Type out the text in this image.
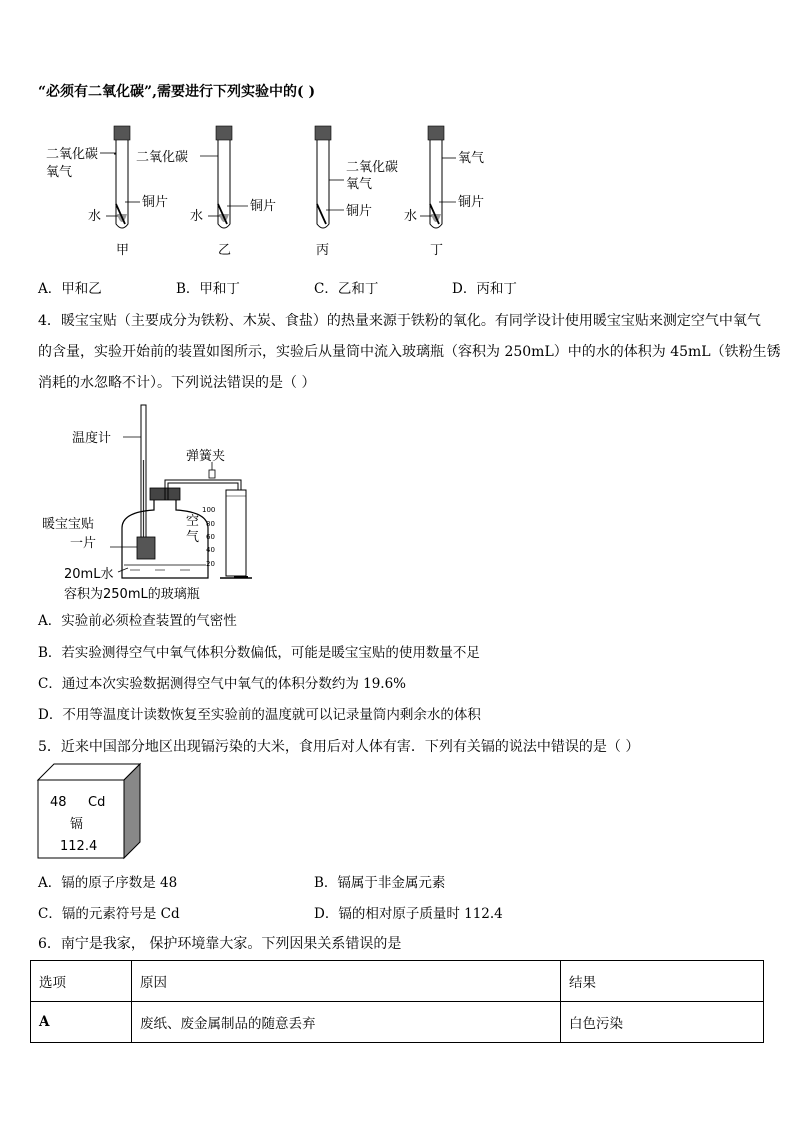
“必须有二氧化碳”,需要进行下列实验中的( )
二氧化碳
氧气
铜片
水
甲
二氧化碳
铜片
水
乙
二氧化碳
氧气
铜片
丙
氧气
铜片
水
丁
A．甲和乙	B．甲和丁	C．乙和丁	D．丙和丁
4．暖宝宝贴（主要成分为铁粉、木炭、食盐）的热量来源于铁粉的氧化。有同学设计使用暖宝宝贴来测定空气中氧气
的含量，实验开始前的装置如图所示，实验后从量筒中流入玻璃瓶（容积为 250mL）中的水的体积为 45mL（铁粉生锈
消耗的水忽略不计）。下列说法错误的是（ ）
温度计
弹簧夹
100
80
60
40
20
暖宝宝贴
一片
空
气
20mL水
容积为250mL的玻璃瓶
A．实验前必须检查装置的气密性
B．若实验测得空气中氧气体积分数偏低，可能是暖宝宝贴的使用数量不足
C．通过本次实验数据测得空气中氧气的体积分数约为 19.6%
D．不用等温度计读数恢复至实验前的温度就可以记录量筒内剩余水的体积
5．近来中国部分地区出现镉污染的大米，食用后对人体有害．下列有关镉的说法中错误的是（ ）
48 Cd
镉
112.4
A．镉的原子序数是 48	B．镉属于非金属元素
C．镉的元素符号是 Cd	D．镉的相对原子质量时 112.4
6．南宁是我家， 保护环境靠大家。下列因果关系错误的是
选项	原因	结果
A	废纸、废金属制品的随意丢弃	白色污染
